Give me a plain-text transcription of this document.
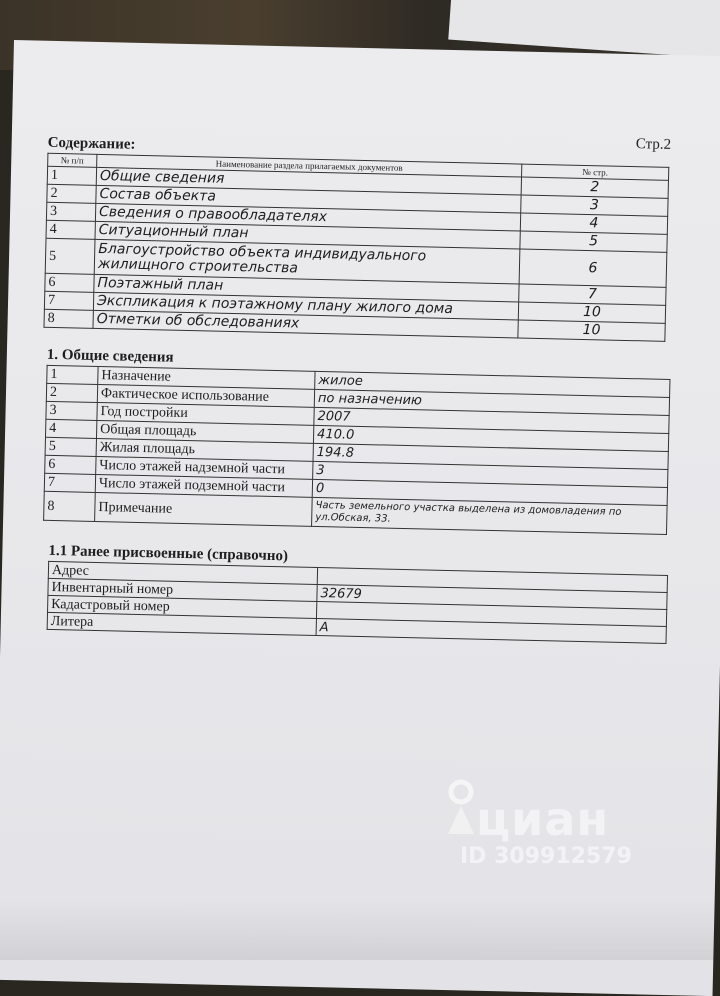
Стр.2
Содержание:
№ п/п	Наименование раздела прилагаемых документов	№ стр.
1	Общие сведения	2
2	Состав объекта	3
3	Сведения о правообладателях	4
4	Ситуационный план	5
5	Благоустройство объекта индивидуального жилищного строительства	6
6	Поэтажный план	7
7	Экспликация к поэтажному плану жилого дома	10
8	Отметки об обследованиях	10
1. Общие сведения
1	Назначение	жилое
2	Фактическое использование	по назначению
3	Год постройки	2007
4	Общая площадь	410.0
5	Жилая площадь	194.8
6	Число этажей надземной части	3
7	Число этажей подземной части	0
8	Примечание	Часть земельного участка выделена из домовладения по ул.Обская, 33.
1.1 Ранее присвоенные (справочно)
Адрес	
Инвентарный номер	32679
Кадастровый номер	
Литера	А
циан
ID 309912579
